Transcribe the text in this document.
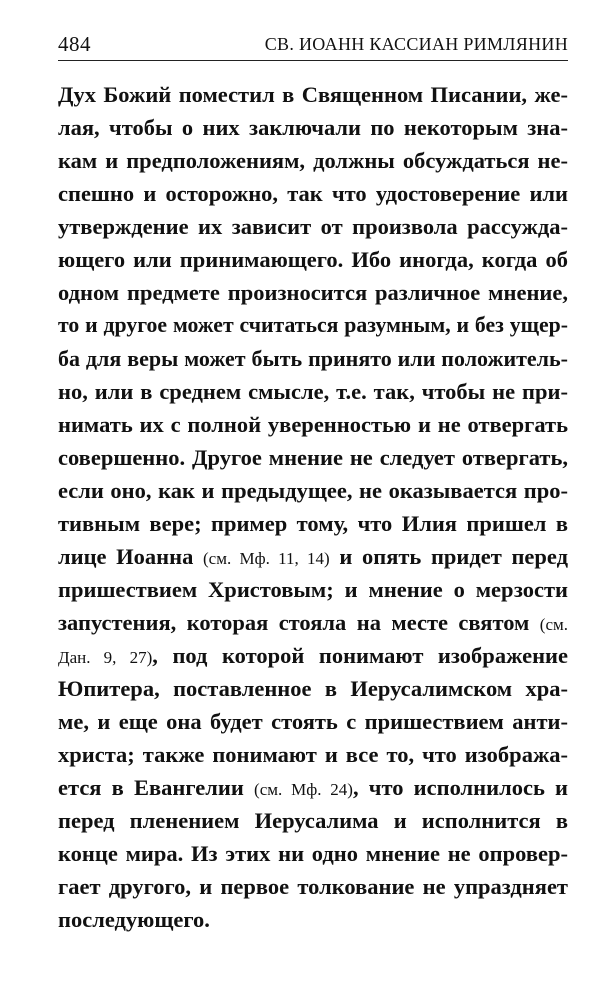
484	СВ. ИОАНН КАССИАН РИМЛЯНИН
Дух Божий поместил в Священном Писании, же-
лая, чтобы о них заключали по некоторым зна-
кам и предположениям, должны обсуждаться не-
спешно и осторожно, так что удостоверение или
утверждение их зависит от произвола рассужда-
ющего или принимающего. Ибо иногда, когда об
одном предмете произносится различное мнение,
то и другое может считаться разумным, и без ущер-
ба для веры может быть принято или положитель-
но, или в среднем смысле, т.е. так, чтобы не при-
нимать их с полной уверенностью и не отвергать
совершенно. Другое мнение не следует отвергать,
если оно, как и предыдущее, не оказывается про-
тивным вере; пример тому, что Илия пришел в
лице Иоанна (см. Мф. 11, 14) и опять придет перед
пришествием Христовым; и мнение о мерзости
запустения, которая стояла на месте святом (см.
Дан. 9, 27), под которой понимают изображение
Юпитера, поставленное в Иерусалимском хра-
ме, и еще она будет стоять с пришествием анти-
христа; также понимают и все то, что изобража-
ется в Евангелии (см. Мф. 24), что исполнилось и
перед пленением Иерусалима и исполнится в
конце мира. Из этих ни одно мнение не опровер-
гает другого, и первое толкование не упраздняет
последующего.
